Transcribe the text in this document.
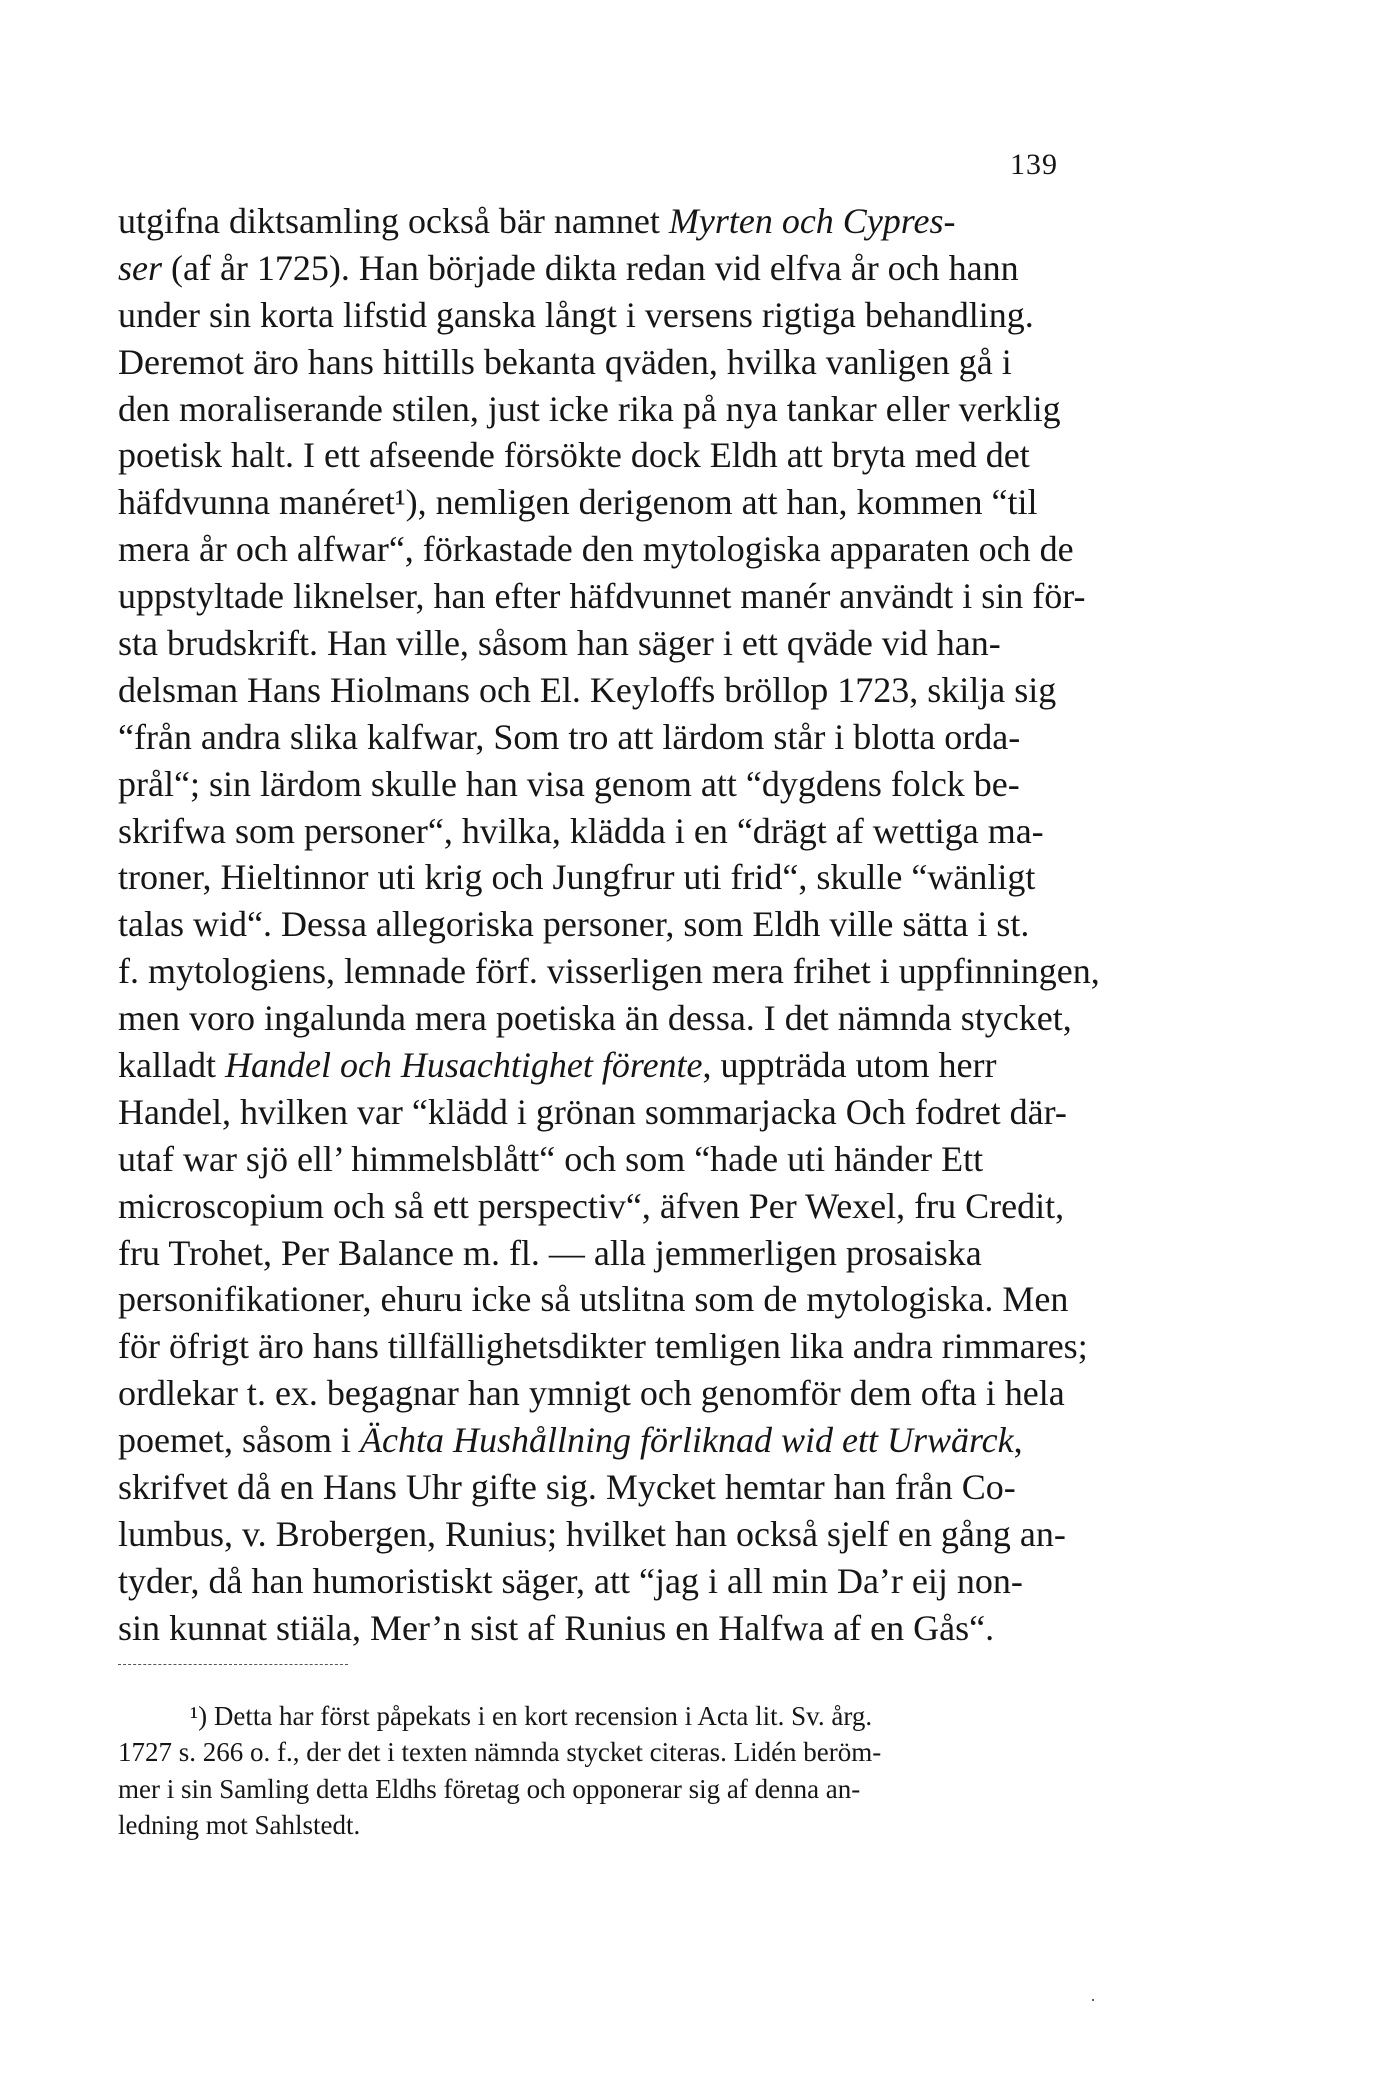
139
utgifna diktsamling också bär namnet Myrten och Cypres-
ser (af år 1725). Han började dikta redan vid elfva år och hann
under sin korta lifstid ganska långt i versens rigtiga behandling.
Deremot äro hans hittills bekanta qväden, hvilka vanligen gå i
den moraliserande stilen, just icke rika på nya tankar eller verklig
poetisk halt. I ett afseende försökte dock Eldh att bryta med det
häfdvunna manéret¹), nemligen derigenom att han, kommen “til
mera år och alfwar“, förkastade den mytologiska apparaten och de
uppstyltade liknelser, han efter häfdvunnet manér användt i sin för-
sta brudskrift. Han ville, såsom han säger i ett qväde vid han-
delsman Hans Hiolmans och El. Keyloffs bröllop 1723, skilja sig
“från andra slika kalfwar, Som tro att lärdom står i blotta orda-
prål“; sin lärdom skulle han visa genom att “dygdens folck be-
skrifwa som personer“, hvilka, klädda i en “drägt af wettiga ma-
troner, Hieltinnor uti krig och Jungfrur uti frid“, skulle “wänligt
talas wid“. Dessa allegoriska personer, som Eldh ville sätta i st.
f. mytologiens, lemnade förf. visserligen mera frihet i uppfinningen,
men voro ingalunda mera poetiska än dessa. I det nämnda stycket,
kalladt Handel och Husachtighet förente, uppträda utom herr
Handel, hvilken var “klädd i grönan sommarjacka Och fodret där-
utaf war sjö ell’ himmelsblått“ och som “hade uti händer Ett
microscopium och så ett perspectiv“, äfven Per Wexel, fru Credit,
fru Trohet, Per Balance m. fl. — alla jemmerligen prosaiska
personifikationer, ehuru icke så utslitna som de mytologiska. Men
för öfrigt äro hans tillfällighetsdikter temligen lika andra rimmares;
ordlekar t. ex. begagnar han ymnigt och genomför dem ofta i hela
poemet, såsom i Ächta Hushållning förliknad wid ett Urwärck,
skrifvet då en Hans Uhr gifte sig. Mycket hemtar han från Co-
lumbus, v. Brobergen, Runius; hvilket han också sjelf en gång an-
tyder, då han humoristiskt säger, att “jag i all min Da’r eij non-
sin kunnat stiäla, Mer’n sist af Runius en Halfwa af en Gås“.
¹) Detta har först påpekats i en kort recension i Acta lit. Sv. årg.
1727 s. 266 o. f., der det i texten nämnda stycket citeras. Lidén beröm-
mer i sin Samling detta Eldhs företag och opponerar sig af denna an-
ledning mot Sahlstedt.
·
